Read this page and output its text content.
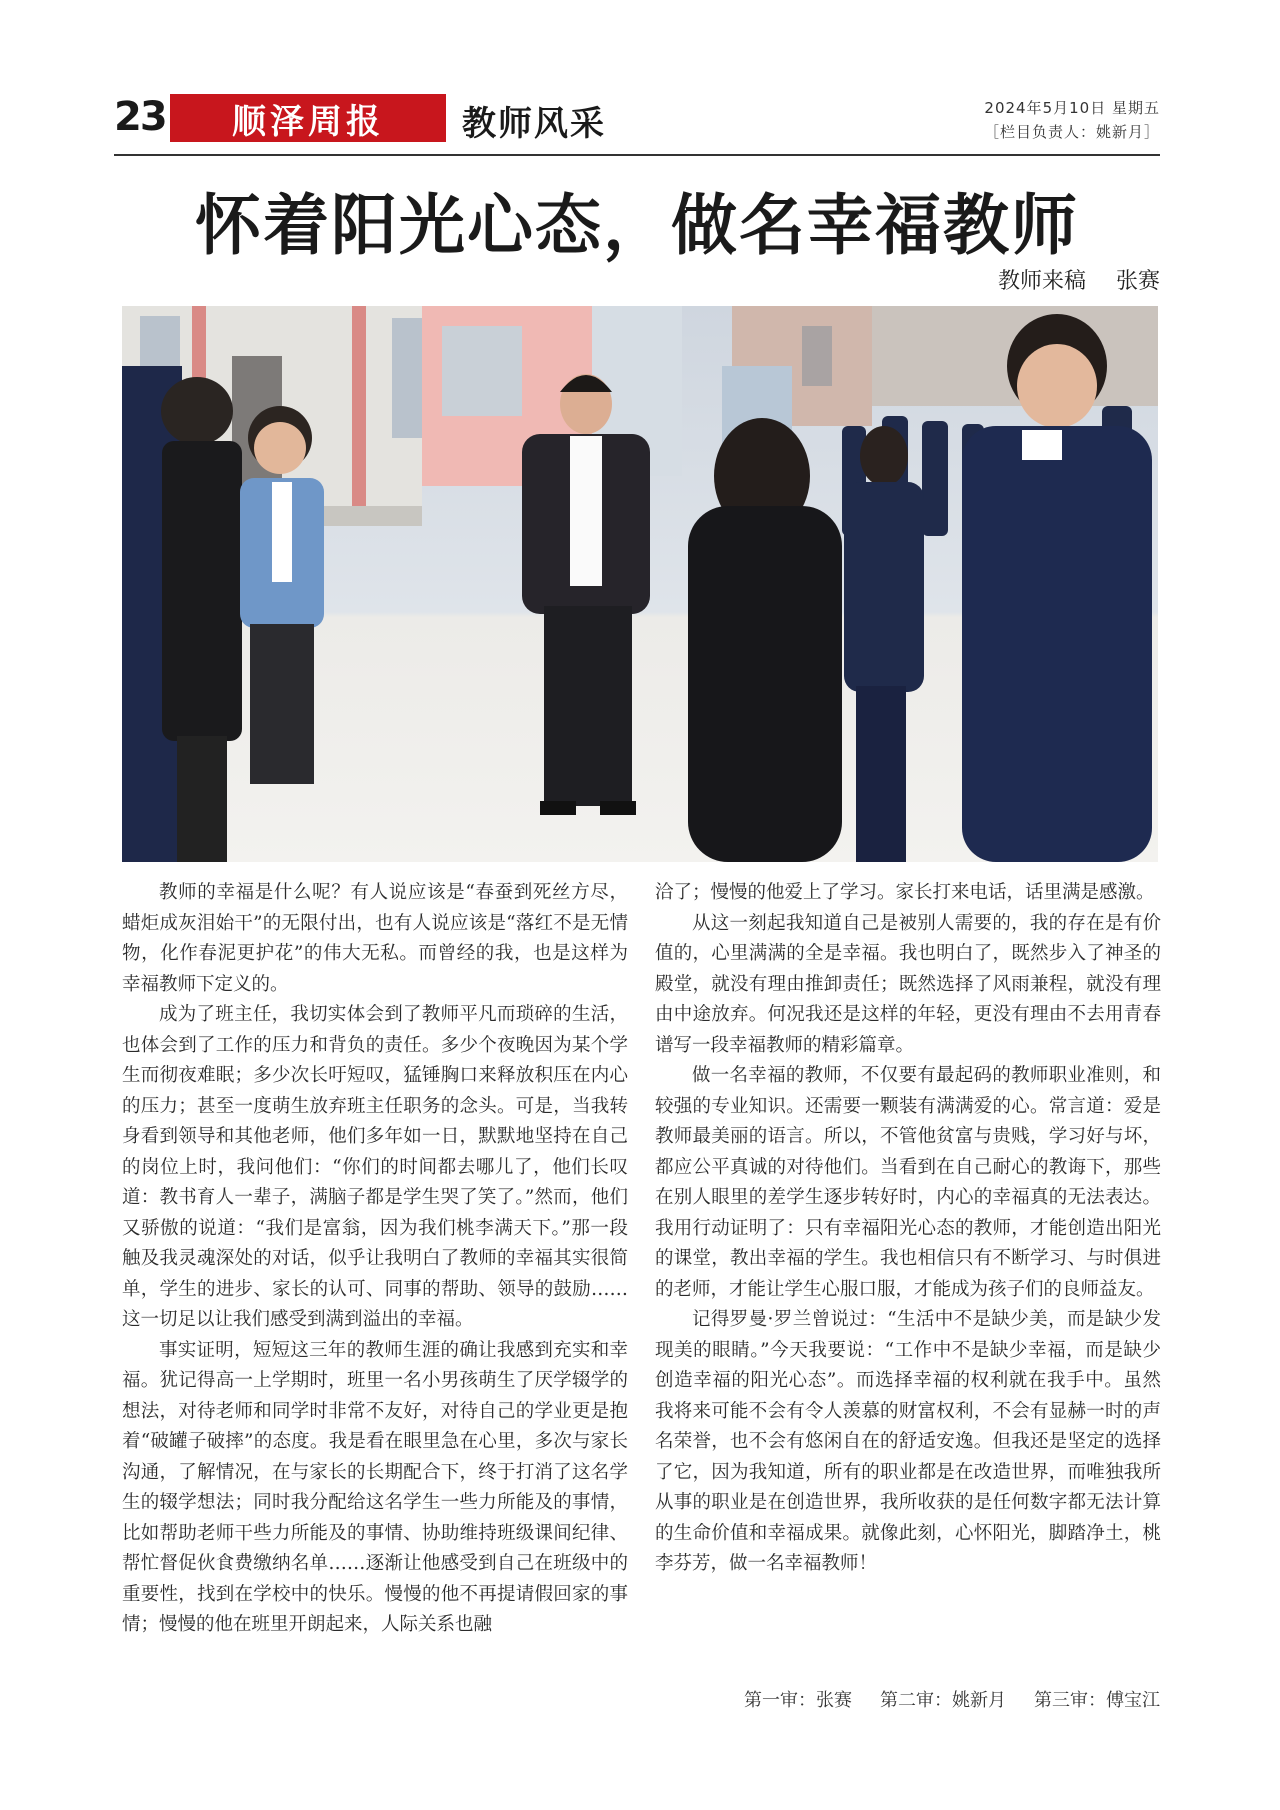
23	顺泽周报	教师风采	2024年5月10日 星期五
［栏目负责人：姚新月］
怀着阳光心态，做名幸福教师
教师来稿 张赛

教师的幸福是什么呢？有人说应该是“春蚕到死丝方尽，蜡炬成灰泪始干”的无限付出，也有人说应该是“落红不是无情物，化作春泥更护花”的伟大无私。而曾经的我，也是这样为幸福教师下定义的。

成为了班主任，我切实体会到了教师平凡而琐碎的生活，也体会到了工作的压力和背负的责任。多少个夜晚因为某个学生而彻夜难眠；多少次长吁短叹，猛锤胸口来释放积压在内心的压力；甚至一度萌生放弃班主任职务的念头。可是，当我转身看到领导和其他老师，他们多年如一日，默默地坚持在自己的岗位上时，我问他们：“你们的时间都去哪儿了，他们长叹道：教书育人一辈子，满脑子都是学生哭了笑了。”然而，他们又骄傲的说道：“我们是富翁，因为我们桃李满天下。”那一段触及我灵魂深处的对话，似乎让我明白了教师的幸福其实很简单，学生的进步、家长的认可、同事的帮助、领导的鼓励……这一切足以让我们感受到满到溢出的幸福。

事实证明，短短这三年的教师生涯的确让我感到充实和幸福。犹记得高一上学期时，班里一名小男孩萌生了厌学辍学的想法，对待老师和同学时非常不友好，对待自己的学业更是抱着“破罐子破摔”的态度。我是看在眼里急在心里，多次与家长沟通，了解情况，在与家长的长期配合下，终于打消了这名学生的辍学想法；同时我分配给这名学生一些力所能及的事情，比如帮助老师干些力所能及的事情、协助维持班级课间纪律、帮忙督促伙食费缴纳名单……逐渐让他感受到自己在班级中的重要性，找到在学校中的快乐。慢慢的他不再提请假回家的事情；慢慢的他在班里开朗起来，人际关系也融

洽了；慢慢的他爱上了学习。家长打来电话，话里满是感激。

从这一刻起我知道自己是被别人需要的，我的存在是有价值的，心里满满的全是幸福。我也明白了，既然步入了神圣的殿堂，就没有理由推卸责任；既然选择了风雨兼程，就没有理由中途放弃。何况我还是这样的年轻，更没有理由不去用青春谱写一段幸福教师的精彩篇章。

做一名幸福的教师，不仅要有最起码的教师职业准则，和较强的专业知识。还需要一颗装有满满爱的心。常言道：爱是教师最美丽的语言。所以，不管他贫富与贵贱，学习好与坏，都应公平真诚的对待他们。当看到在自己耐心的教诲下，那些在别人眼里的差学生逐步转好时，内心的幸福真的无法表达。我用行动证明了：只有幸福阳光心态的教师，才能创造出阳光的课堂，教出幸福的学生。我也相信只有不断学习、与时俱进的老师，才能让学生心服口服，才能成为孩子们的良师益友。

记得罗曼·罗兰曾说过：“生活中不是缺少美，而是缺少发现美的眼睛。”今天我要说：“工作中不是缺少幸福，而是缺少创造幸福的阳光心态”。而选择幸福的权利就在我手中。虽然我将来可能不会有令人羡慕的财富权利，不会有显赫一时的声名荣誉，也不会有悠闲自在的舒适安逸。但我还是坚定的选择了它，因为我知道，所有的职业都是在改造世界，而唯独我所从事的职业是在创造世界，我所收获的是任何数字都无法计算的生命价值和幸福成果。就像此刻，心怀阳光，脚踏净土，桃李芬芳，做一名幸福教师！

第一审：张赛 第二审：姚新月 第三审：傅宝江
